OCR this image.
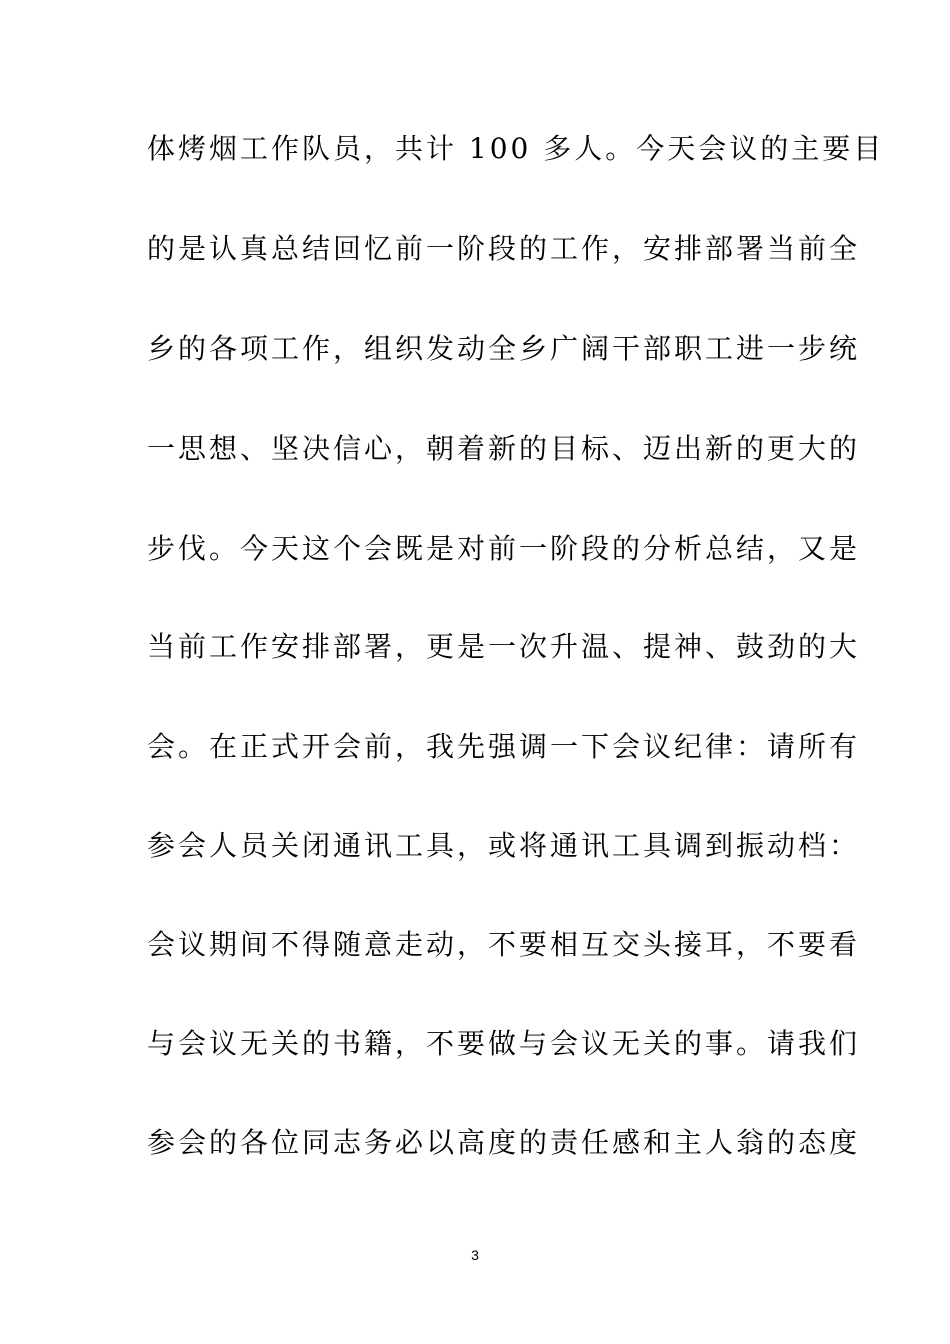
体烤烟工作队员，共计 100 多人。今天会议的主要目
的是认真总结回忆前一阶段的工作，安排部署当前全
乡的各项工作，组织发动全乡广阔干部职工进一步统
一思想、坚决信心，朝着新的目标、迈出新的更大的
步伐。今天这个会既是对前一阶段的分析总结，又是
当前工作安排部署，更是一次升温、提神、鼓劲的大
会。在正式开会前，我先强调一下会议纪律：请所有
参会人员关闭通讯工具，或将通讯工具调到振动档：
会议期间不得随意走动，不要相互交头接耳，不要看
与会议无关的书籍，不要做与会议无关的事。请我们
参会的各位同志务必以高度的责任感和主人翁的态度
3
